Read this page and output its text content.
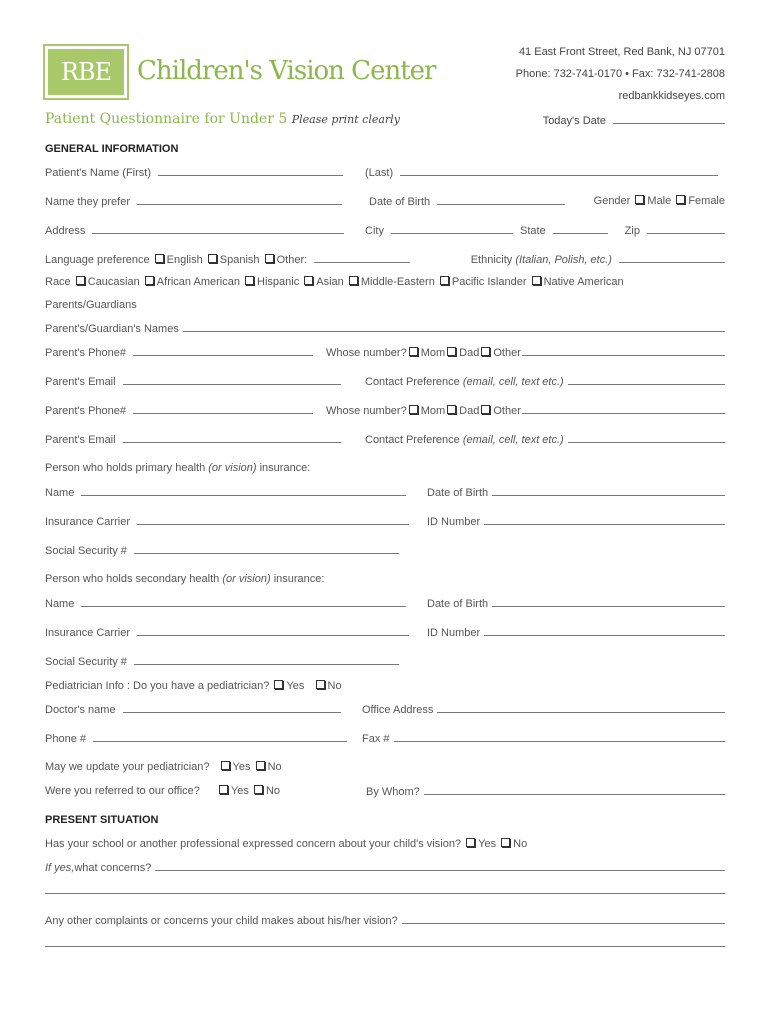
RBE Children's Vision Center
41 East Front Street, Red Bank, NJ 07701
Phone: 732-741-0170 • Fax: 732-741-2808
redbankkidseyes.com
Patient Questionnaire for Under 5 Please print clearly	Today's Date
GENERAL INFORMATION
Patient's Name (First)	(Last)
Name they prefer	Date of Birth	Gender Male Female
Address	City	State	Zip
Language preference English Spanish Other:	Ethnicity (Italian, Polish, etc.)
Race Caucasian African American Hispanic Asian Middle-Eastern Pacific Islander Native American
Parents/Guardians
Parent's/Guardian's Names
Parent's Phone#	Whose number? Mom Dad Other
Parent's Email	Contact Preference
(email, cell, text etc.)
Parent's Phone#	Whose number? Mom Dad Other
Parent's Email	Contact Preference
(email, cell, text etc.)
Person who holds primary health (or vision) insurance:
Name	Date of Birth
Insurance Carrier	ID Number
Social Security #
Person who holds secondary health (or vision) insurance:
Name	Date of Birth
Insurance Carrier	ID Number
Social Security #
Pediatrician Info : Do you have a pediatrician? Yes No
Doctor's name	Office Address
Phone #	Fax #
May we update your pediatrician? Yes No
Were you referred to our office?	Yes No	By Whom?
PRESENT SITUATION
Has your school or another professional expressed concern about your child's vision? Yes No
If yes, what concerns?
Any other complaints or concerns your child makes about his/her vision?
